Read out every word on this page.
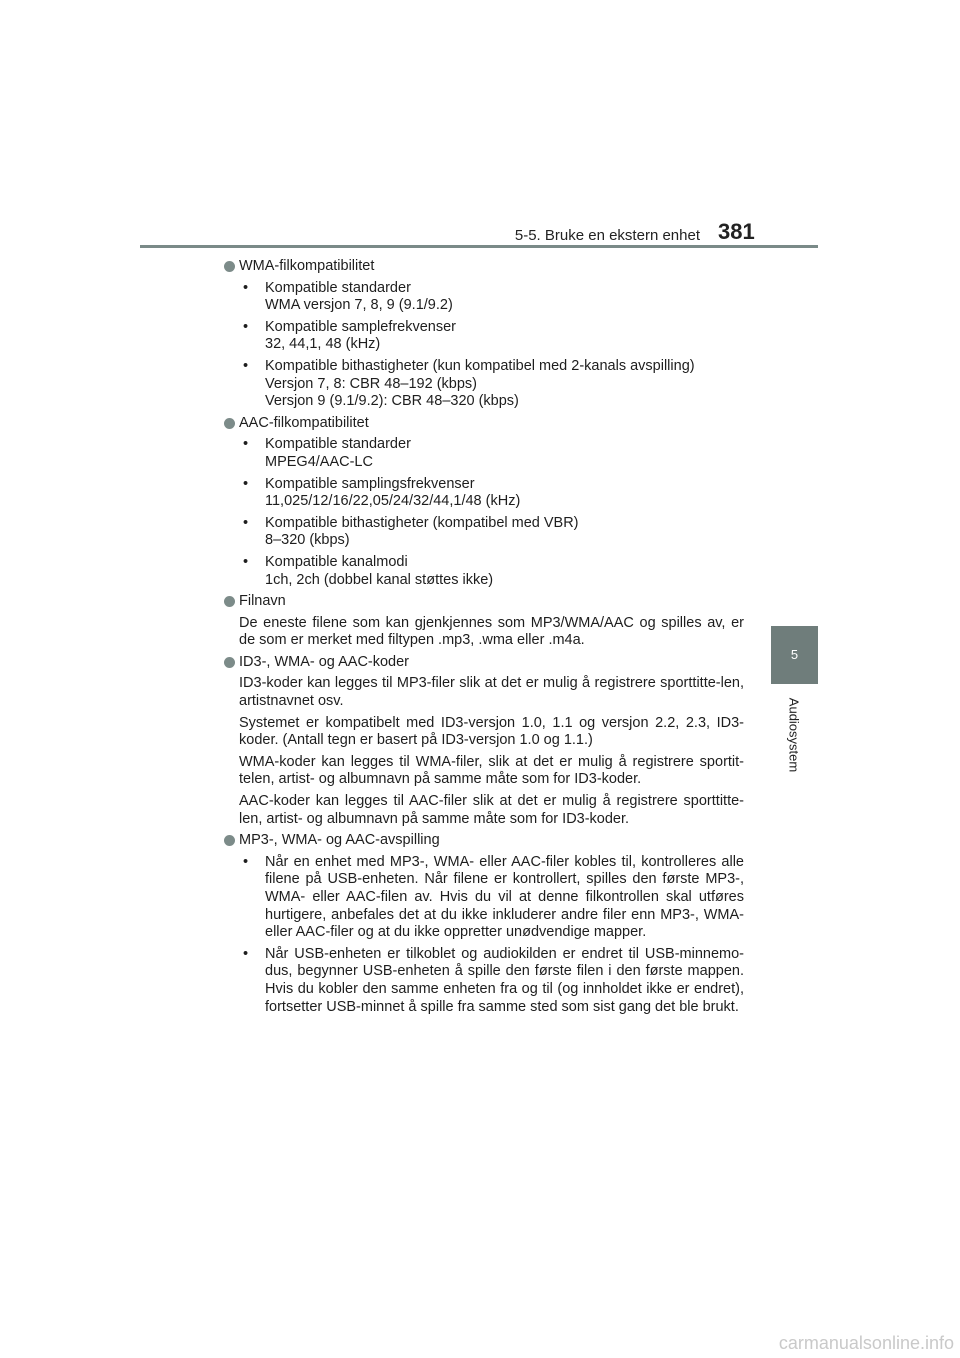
5-5. Bruke en ekstern enhet 381
5
Audiosystem
WMA-filkompatibilitet
• Kompatible standarder
WMA versjon 7, 8, 9 (9.1/9.2)
• Kompatible samplefrekvenser
32, 44,1, 48 (kHz)
• Kompatible bithastigheter (kun kompatibel med 2-kanals avspilling)
Versjon 7, 8: CBR 48–192 (kbps)
Versjon 9 (9.1/9.2): CBR 48–320 (kbps)
AAC-filkompatibilitet
• Kompatible standarder
MPEG4/AAC-LC
• Kompatible samplingsfrekvenser
11,025/12/16/22,05/24/32/44,1/48 (kHz)
• Kompatible bithastigheter (kompatibel med VBR)
8–320 (kbps)
• Kompatible kanalmodi
1ch, 2ch (dobbel kanal støttes ikke)
Filnavn
De eneste filene som kan gjenkjennes som MP3/WMA/AAC og spilles av, er de som er merket med filtypen .mp3, .wma eller .m4a.
ID3-, WMA- og AAC-koder
ID3-koder kan legges til MP3-filer slik at det er mulig å registrere sporttitte-len, artistnavnet osv.
Systemet er kompatibelt med ID3-versjon 1.0, 1.1 og versjon 2.2, 2.3, ID3-koder. (Antall tegn er basert på ID3-versjon 1.0 og 1.1.)
WMA-koder kan legges til WMA-filer, slik at det er mulig å registrere sportit-telen, artist- og albumnavn på samme måte som for ID3-koder.
AAC-koder kan legges til AAC-filer slik at det er mulig å registrere sporttitte-len, artist- og albumnavn på samme måte som for ID3-koder.
MP3-, WMA- og AAC-avspilling
• Når en enhet med MP3-, WMA- eller AAC-filer kobles til, kontrolleres alle filene på USB-enheten. Når filene er kontrollert, spilles den første MP3-, WMA- eller AAC-filen av. Hvis du vil at denne filkontrollen skal utføres hurtigere, anbefales det at du ikke inkluderer andre filer enn MP3-, WMA- eller AAC-filer og at du ikke oppretter unødvendige mapper.
• Når USB-enheten er tilkoblet og audiokilden er endret til USB-minnemo-dus, begynner USB-enheten å spille den første filen i den første mappen. Hvis du kobler den samme enheten fra og til (og innholdet ikke er endret), fortsetter USB-minnet å spille fra samme sted som sist gang det ble brukt.
carmanualsonline.info
